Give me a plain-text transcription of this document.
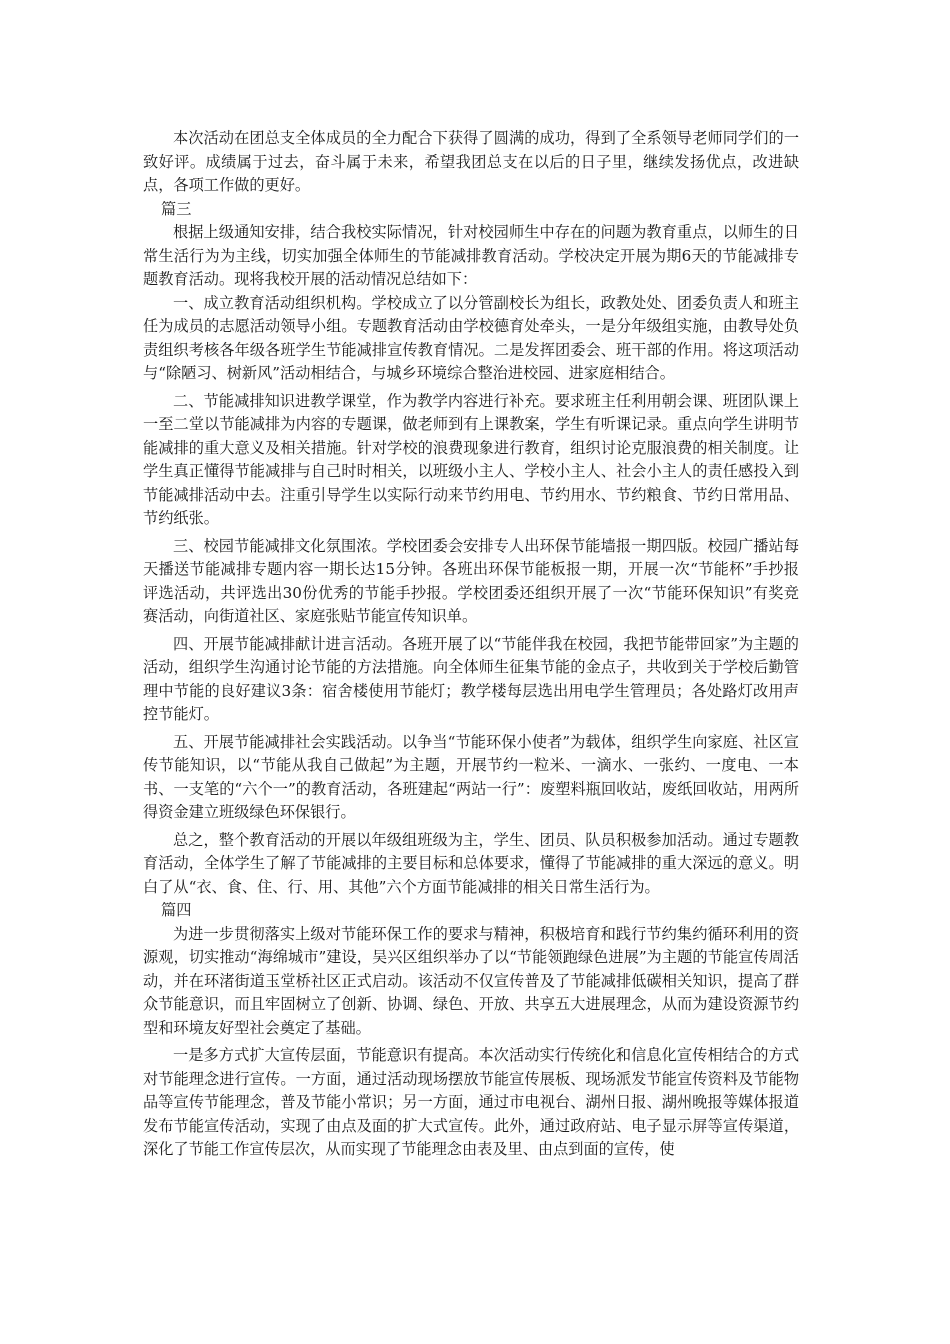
本次活动在团总支全体成员的全力配合下获得了圆满的成功，得到了全系领导老师同学们的一致好评。成绩属于过去，奋斗属于未来，希望我团总支在以后的日子里，继续发扬优点，改进缺点，各项工作做的更好。

篇三

根据上级通知安排，结合我校实际情况，针对校园师生中存在的问题为教育重点，以师生的日常生活行为为主线，切实加强全体师生的节能减排教育活动。学校决定开展为期6天的节能减排专题教育活动。现将我校开展的活动情况总结如下：

一、成立教育活动组织机构。学校成立了以分管副校长为组长，政教处处、团委负责人和班主任为成员的志愿活动领导小组。专题教育活动由学校德育处牵头，一是分年级组实施，由教导处负责组织考核各年级各班学生节能减排宣传教育情况。二是发挥团委会、班干部的作用。将这项活动与“除陋习、树新风”活动相结合，与城乡环境综合整治进校园、进家庭相结合。

二、节能减排知识进教学课堂，作为教学内容进行补充。要求班主任利用朝会课、班团队课上一至二堂以节能减排为内容的专题课，做老师到有上课教案，学生有听课记录。重点向学生讲明节能减排的重大意义及相关措施。针对学校的浪费现象进行教育，组织讨论克服浪费的相关制度。让学生真正懂得节能减排与自己时时相关，以班级小主人、学校小主人、社会小主人的责任感投入到节能减排活动中去。注重引导学生以实际行动来节约用电、节约用水、节约粮食、节约日常用品、节约纸张。

三、校园节能减排文化氛围浓。学校团委会安排专人出环保节能墙报一期四版。校园广播站每天播送节能减排专题内容一期长达15分钟。各班出环保节能板报一期，开展一次“节能杯”手抄报评选活动，共评选出30份优秀的节能手抄报。学校团委还组织开展了一次“节能环保知识”有奖竞赛活动，向街道社区、家庭张贴节能宣传知识单。

四、开展节能减排献计进言活动。各班开展了以“节能伴我在校园，我把节能带回家”为主题的活动，组织学生沟通讨论节能的方法措施。向全体师生征集节能的金点子，共收到关于学校后勤管理中节能的良好建议3条：宿舍楼使用节能灯；教学楼每层选出用电学生管理员；各处路灯改用声控节能灯。

五、开展节能减排社会实践活动。以争当“节能环保小使者”为载体，组织学生向家庭、社区宣传节能知识，以“节能从我自己做起”为主题，开展节约一粒米、一滴水、一张约、一度电、一本书、一支笔的“六个一”的教育活动，各班建起“两站一行”：废塑料瓶回收站，废纸回收站，用两所得资金建立班级绿色环保银行。

总之，整个教育活动的开展以年级组班级为主，学生、团员、队员积极参加活动。通过专题教育活动，全体学生了解了节能减排的主要目标和总体要求，懂得了节能减排的重大深远的意义。明白了从“衣、食、住、行、用、其他”六个方面节能减排的相关日常生活行为。

篇四

为进一步贯彻落实上级对节能环保工作的要求与精神，积极培育和践行节约集约循环利用的资源观，切实推动“海绵城市”建设，吴兴区组织举办了以“节能领跑绿色进展”为主题的节能宣传周活动，并在环渚街道玉堂桥社区正式启动。该活动不仅宣传普及了节能减排低碳相关知识，提高了群众节能意识，而且牢固树立了创新、协调、绿色、开放、共享五大进展理念，从而为建设资源节约型和环境友好型社会奠定了基础。

一是多方式扩大宣传层面，节能意识有提高。本次活动实行传统化和信息化宣传相结合的方式对节能理念进行宣传。一方面，通过活动现场摆放节能宣传展板、现场派发节能宣传资料及节能物品等宣传节能理念，普及节能小常识；另一方面，通过市电视台、湖州日报、湖州晚报等媒体报道发布节能宣传活动，实现了由点及面的扩大式宣传。此外，通过政府站、电子显示屏等宣传渠道，深化了节能工作宣传层次，从而实现了节能理念由表及里、由点到面的宣传，使
